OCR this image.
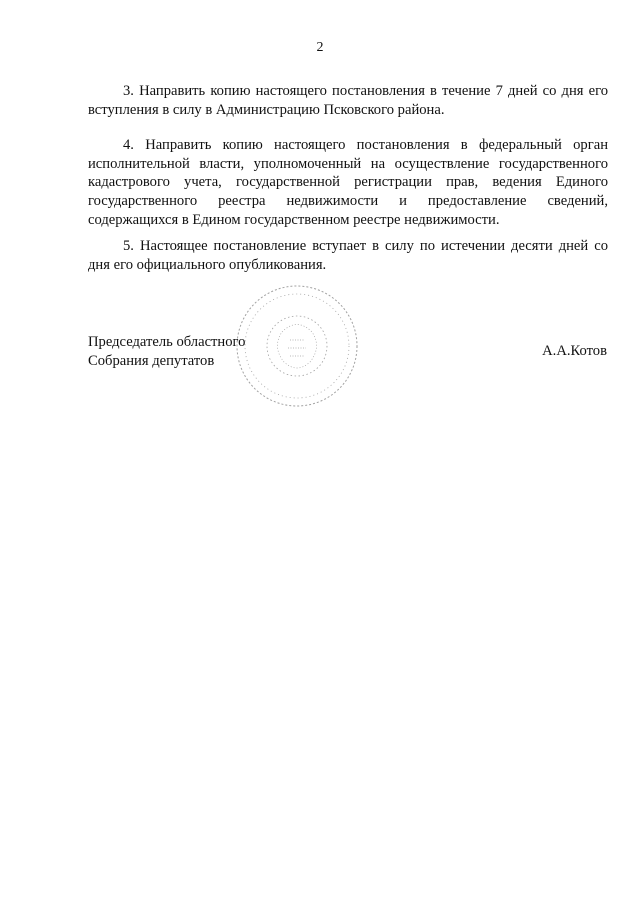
2

3. Направить копию настоящего постановления в течение 7 дней со дня его вступления в силу в Администрацию Псковского района.

4. Направить копию настоящего постановления в федеральный орган исполнительной власти, уполномоченный на осуществление государственного кадастрового учета, государственной регистрации прав, ведения Единого государственного реестра недвижимости и предоставление сведений, содержащихся в Едином государственном реестре недвижимости.

5. Настоящее постановление вступает в силу по истечении десяти дней со дня его официального опубликования.

Председатель областного
Собрания депутатов
А.А.Котов
